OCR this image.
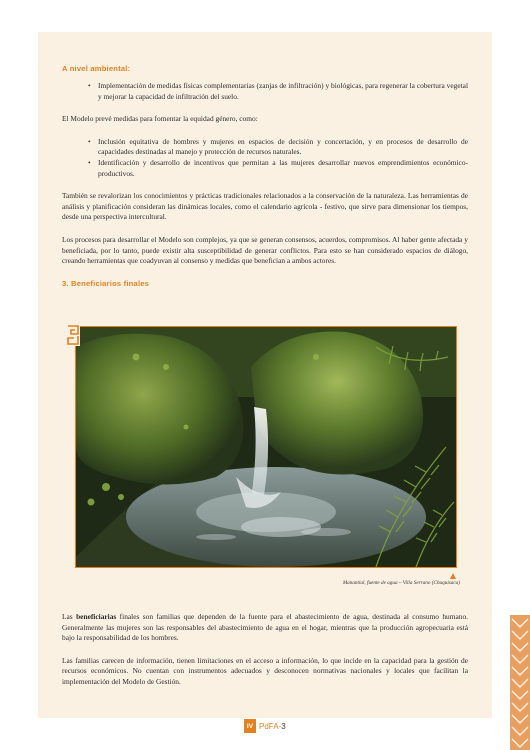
A nivel ambiental:
• Implementación de medidas físicas complementarias (zanjas de infiltración) y biológicas, para regenerar la cobertura vegetal y mejorar la capacidad de infiltración del suelo.

El Modelo prevé medidas para fomentar la equidad género, como:

• Inclusión equitativa de hombres y mujeres en espacios de decisión y concertación, y en procesos de desarrollo de capacidades destinadas al manejo y protección de recursos naturales.
• Identificación y desarrollo de incentivos que permitan a las mujeres desarrollar nuevos emprendimientos económico-productivos.

También se revalorizan los conocimientos y prácticas tradicionales relacionados a la conservación de la naturaleza. Las herramientas de análisis y planificación consideran las dinámicas locales, como el calendario agrícola - festivo, que sirve para dimensionar los tiempos, desde una perspectiva intercultural.

Los procesos para desarrollar el Modelo son complejos, ya que se generan consensos, acuerdos, compromisos. Al haber gente afectada y beneficiada, por lo tanto, puede existir alta susceptibilidad de generar conflictos. Para esto se han considerado espacios de diálogo, creando herramientas que coadyuvan al consenso y medidas que benefician a ambos actores.

3. Beneficiarios finales
Manantial, fuente de agua – Villa Serrano (Chuquisaca)

Las beneficiarias finales son familias que dependen de la fuente para el abastecimiento de agua, destinada al consumo humano. Generalmente las mujeres son las responsables del abastecimiento de agua en el hogar, mientras que la producción agropecuaria está bajo la responsabilidad de los hombres.

Las familias carecen de información, tienen limitaciones en el acceso a información, lo que incide en la capacidad para la gestión de recursos económicos. No cuentan con instrumentos adecuados y desconocen normativas nacionales y locales que facilitan la implementación del Modelo de Gestión.

IV PdFA- 3
